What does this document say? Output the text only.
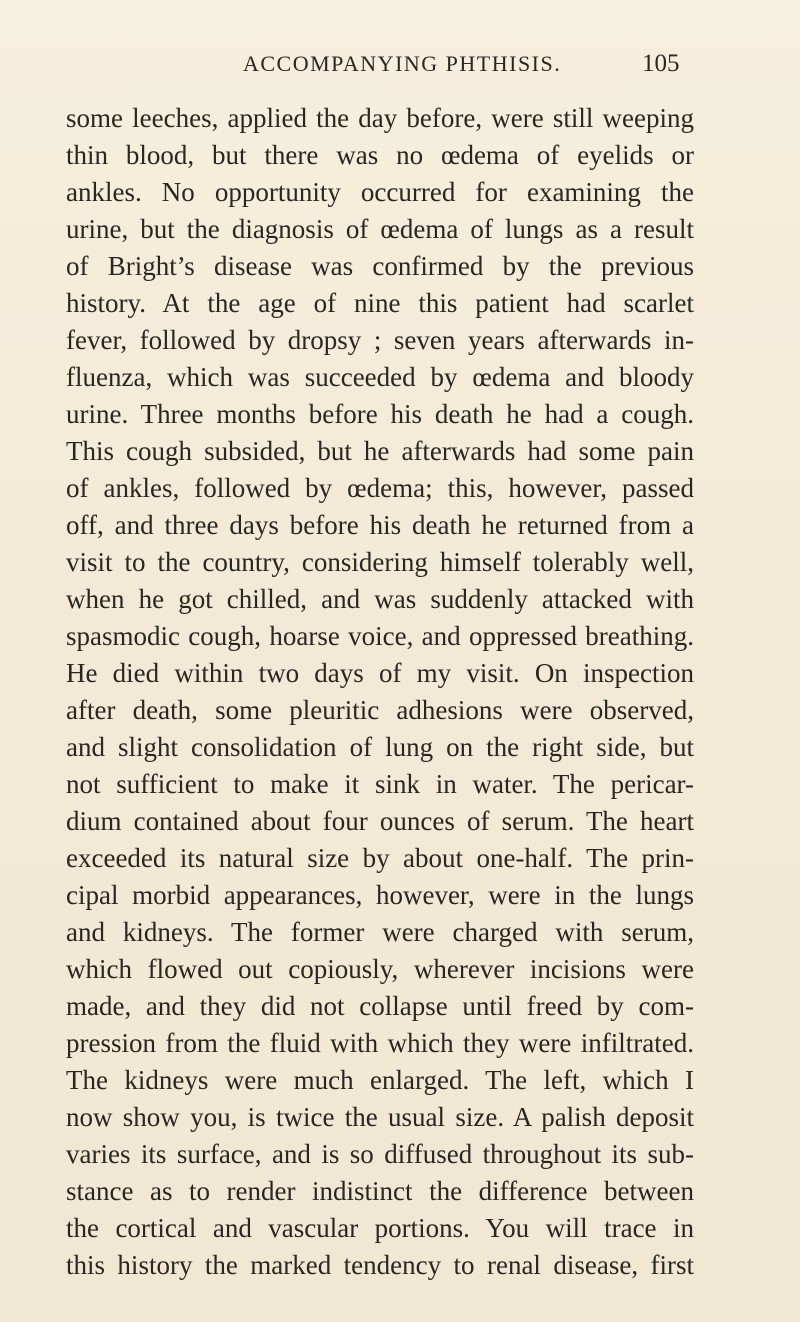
ACCOMPANYING PHTHISIS.	105
some leeches, applied the day before, were still weeping
thin blood, but there was no œdema of eyelids or
ankles. No opportunity occurred for examining the
urine, but the diagnosis of œdema of lungs as a result
of Bright’s disease was confirmed by the previous
history. At the age of nine this patient had scarlet
fever, followed by dropsy ; seven years afterwards in-
fluenza, which was succeeded by œdema and bloody
urine. Three months before his death he had a cough.
This cough subsided, but he afterwards had some pain
of ankles, followed by œdema; this, however, passed
off, and three days before his death he returned from a
visit to the country, considering himself tolerably well,
when he got chilled, and was suddenly attacked with
spasmodic cough, hoarse voice, and oppressed breathing.
He died within two days of my visit. On inspection
after death, some pleuritic adhesions were observed,
and slight consolidation of lung on the right side, but
not sufficient to make it sink in water. The pericar-
dium contained about four ounces of serum. The heart
exceeded its natural size by about one-half. The prin-
cipal morbid appearances, however, were in the lungs
and kidneys. The former were charged with serum,
which flowed out copiously, wherever incisions were
made, and they did not collapse until freed by com-
pression from the fluid with which they were infiltrated.
The kidneys were much enlarged. The left, which I
now show you, is twice the usual size. A palish deposit
varies its surface, and is so diffused throughout its sub-
stance as to render indistinct the difference between
the cortical and vascular portions. You will trace in
this history the marked tendency to renal disease, first
